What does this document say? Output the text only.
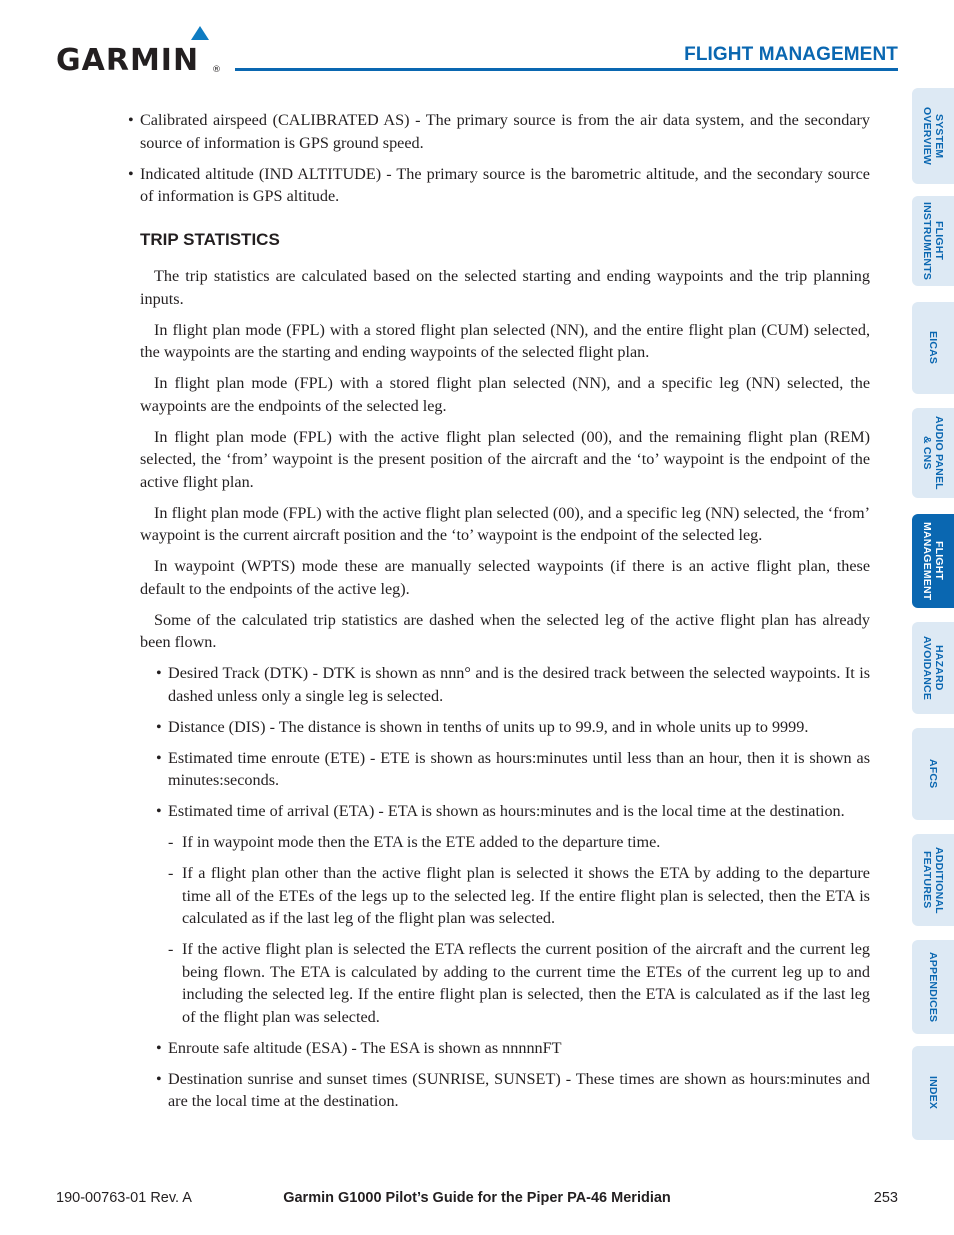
GARMIN ®
FLIGHT MANAGEMENT

• Calibrated airspeed (CALIBRATED AS) - The primary source is from the air data system, and the secondary source of information is GPS ground speed.

• Indicated altitude (IND ALTITUDE) - The primary source is the barometric altitude, and the secondary source of information is GPS altitude.

TRIP STATISTICS

The trip statistics are calculated based on the selected starting and ending waypoints and the trip planning inputs.

In flight plan mode (FPL) with a stored flight plan selected (NN), and the entire flight plan (CUM) selected, the waypoints are the starting and ending waypoints of the selected flight plan.

In flight plan mode (FPL) with a stored flight plan selected (NN), and a specific leg (NN) selected, the waypoints are the endpoints of the selected leg.

In flight plan mode (FPL) with the active flight plan selected (00), and the remaining flight plan (REM) selected, the ‘from’ waypoint is the present position of the aircraft and the ‘to’ waypoint is the endpoint of the active flight plan.

In flight plan mode (FPL) with the active flight plan selected (00), and a specific leg (NN) selected, the ‘from’ waypoint is the current aircraft position and the ‘to’ waypoint is the endpoint of the selected leg.

In waypoint (WPTS) mode these are manually selected waypoints (if there is an active flight plan, these default to the endpoints of the active leg).

Some of the calculated trip statistics are dashed when the selected leg of the active flight plan has already been flown.

• Desired Track (DTK) - DTK is shown as nnn° and is the desired track between the selected waypoints. It is dashed unless only a single leg is selected.

• Distance (DIS) - The distance is shown in tenths of units up to 99.9, and in whole units up to 9999.

• Estimated time enroute (ETE) - ETE is shown as hours:minutes until less than an hour, then it is shown as minutes:seconds.

• Estimated time of arrival (ETA) - ETA is shown as hours:minutes and is the local time at the destination.

- If in waypoint mode then the ETA is the ETE added to the departure time.

- If a flight plan other than the active flight plan is selected it shows the ETA by adding to the departure time all of the ETEs of the legs up to the selected leg. If the entire flight plan is selected, then the ETA is calculated as if the last leg of the flight plan was selected.

- If the active flight plan is selected the ETA reflects the current position of the aircraft and the current leg being flown. The ETA is calculated by adding to the current time the ETEs of the current leg up to and including the selected leg. If the entire flight plan is selected, then the ETA is calculated as if the last leg of the flight plan was selected.

• Enroute safe altitude (ESA) - The ESA is shown as nnnnnFT

• Destination sunrise and sunset times (SUNRISE, SUNSET) - These times are shown as hours:minutes and are the local time at the destination.

SYSTEM
OVERVIEW
FLIGHT
INSTRUMENTS
EICAS
AUDIO PANEL
& CNS
FLIGHT
MANAGEMENT
HAZARD
AVOIDANCE
AFCS
ADDITIONAL
FEATURES
APPENDICES
INDEX
190-00763-01 Rev. A	Garmin G1000 Pilot’s Guide for the Piper PA-46 Meridian	253
